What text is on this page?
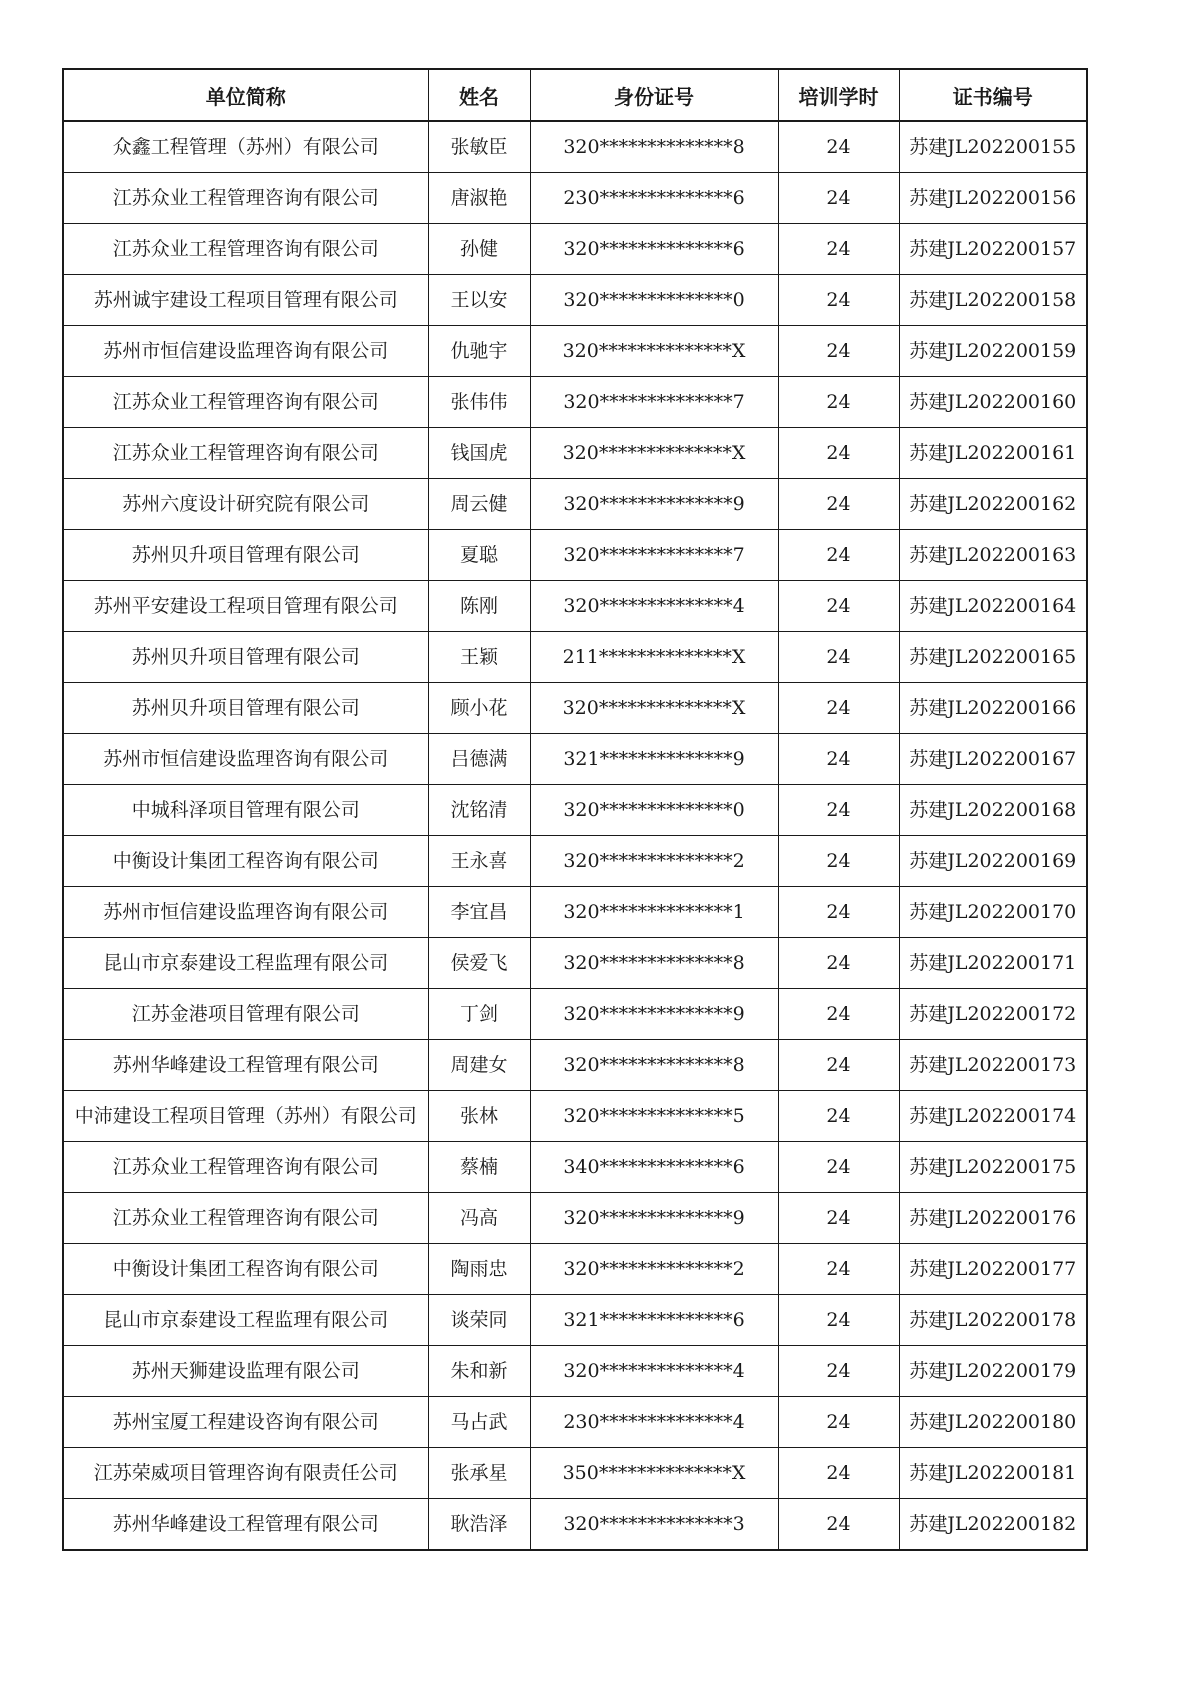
单位简称	姓名	身份证号	培训学时	证书编号
众鑫工程管理（苏州）有限公司	张敏臣	320**************8	24	苏建JL202200155
江苏众业工程管理咨询有限公司	唐淑艳	230**************6	24	苏建JL202200156
江苏众业工程管理咨询有限公司	孙健	320**************6	24	苏建JL202200157
苏州诚宇建设工程项目管理有限公司	王以安	320**************0	24	苏建JL202200158
苏州市恒信建设监理咨询有限公司	仇驰宇	320**************X	24	苏建JL202200159
江苏众业工程管理咨询有限公司	张伟伟	320**************7	24	苏建JL202200160
江苏众业工程管理咨询有限公司	钱国虎	320**************X	24	苏建JL202200161
苏州六度设计研究院有限公司	周云健	320**************9	24	苏建JL202200162
苏州贝升项目管理有限公司	夏聪	320**************7	24	苏建JL202200163
苏州平安建设工程项目管理有限公司	陈刚	320**************4	24	苏建JL202200164
苏州贝升项目管理有限公司	王颖	211**************X	24	苏建JL202200165
苏州贝升项目管理有限公司	顾小花	320**************X	24	苏建JL202200166
苏州市恒信建设监理咨询有限公司	吕德满	321**************9	24	苏建JL202200167
中城科泽项目管理有限公司	沈铭清	320**************0	24	苏建JL202200168
中衡设计集团工程咨询有限公司	王永喜	320**************2	24	苏建JL202200169
苏州市恒信建设监理咨询有限公司	李宜昌	320**************1	24	苏建JL202200170
昆山市京泰建设工程监理有限公司	侯爱飞	320**************8	24	苏建JL202200171
江苏金港项目管理有限公司	丁剑	320**************9	24	苏建JL202200172
苏州华峰建设工程管理有限公司	周建女	320**************8	24	苏建JL202200173
中沛建设工程项目管理（苏州）有限公司	张林	320**************5	24	苏建JL202200174
江苏众业工程管理咨询有限公司	蔡楠	340**************6	24	苏建JL202200175
江苏众业工程管理咨询有限公司	冯高	320**************9	24	苏建JL202200176
中衡设计集团工程咨询有限公司	陶雨忠	320**************2	24	苏建JL202200177
昆山市京泰建设工程监理有限公司	谈荣同	321**************6	24	苏建JL202200178
苏州天狮建设监理有限公司	朱和新	320**************4	24	苏建JL202200179
苏州宝厦工程建设咨询有限公司	马占武	230**************4	24	苏建JL202200180
江苏荣威项目管理咨询有限责任公司	张承星	350**************X	24	苏建JL202200181
苏州华峰建设工程管理有限公司	耿浩泽	320**************3	24	苏建JL202200182
